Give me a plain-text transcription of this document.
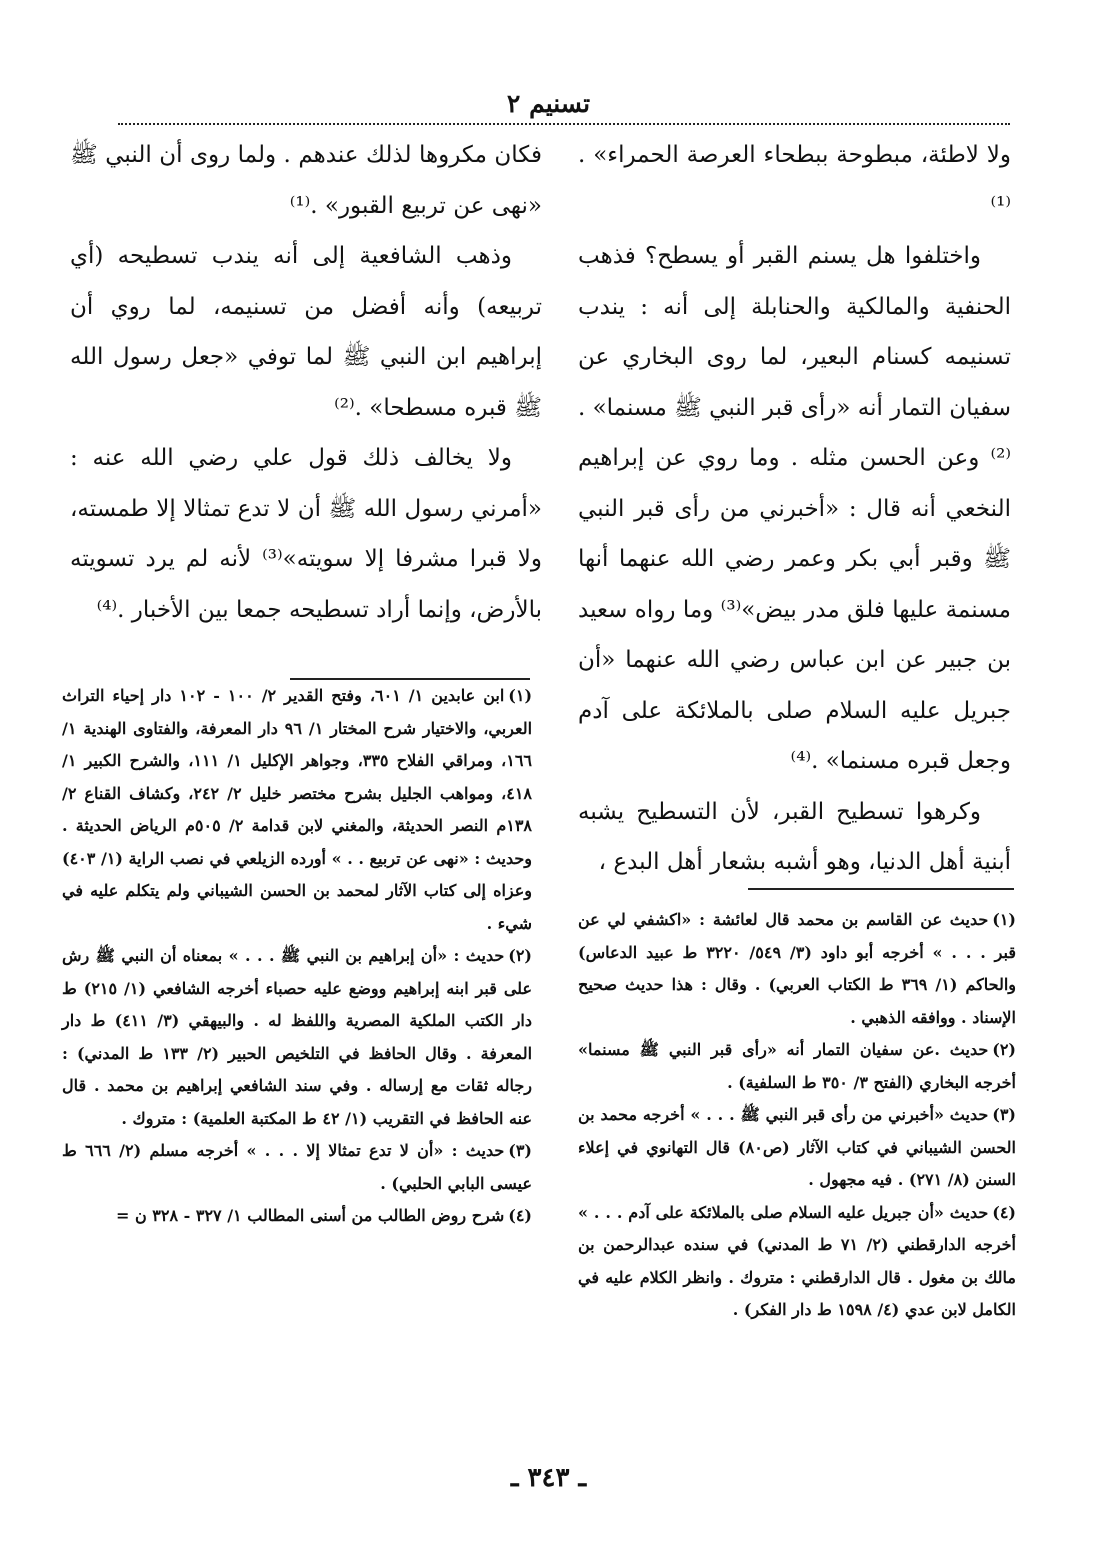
تسنيم ٢

ولا لاطئة، مبطوحة ببطحاء العرصة الحمراء» .⁽¹⁾

واختلفوا هل يسنم القبر أو يسطح؟ فذهب الحنفية والمالكية والحنابلة إلى أنه : يندب تسنيمه كسنام البعير، لما روى البخاري عن سفيان التمار أنه «رأى قبر النبي ﷺ مسنما» .⁽²⁾ وعن الحسن مثله . وما روي عن إبراهيم النخعي أنه قال : «أخبرني من رأى قبر النبي ﷺ وقبر أبي بكر وعمر رضي الله عنهما أنها مسنمة عليها فلق مدر بيض»⁽³⁾ وما رواه سعيد بن جبير عن ابن عباس رضي الله عنهما «أن جبريل عليه السلام صلى بالملائكة على آدم وجعل قبره مسنما» .⁽⁴⁾

وكرهوا تسطيح القبر، لأن التسطيح يشبه أبنية أهل الدنيا، وهو أشبه بشعار أهل البدع ،

فكان مكروها لذلك عندهم . ولما روى أن النبي ﷺ «نهى عن تربيع القبور» .⁽¹⁾

وذهب الشافعية إلى أنه يندب تسطيحه (أي تربيعه) وأنه أفضل من تسنيمه، لما روي أن إبراهيم ابن النبي ﷺ لما توفي «جعل رسول الله ﷺ قبره مسطحا» .⁽²⁾

ولا يخالف ذلك قول علي رضي الله عنه : «أمرني رسول الله ﷺ أن لا تدع تمثالا إلا طمسته، ولا قبرا مشرفا إلا سويته»⁽³⁾ لأنه لم يرد تسويته بالأرض، وإنما أراد تسطيحه جمعا بين الأخبار .⁽⁴⁾

(١)حديث عن القاسم بن محمد قال لعائشة : «اكشفي لي عن قبر . . . » أخرجه أبو داود (٣/ ٥٤٩/ ٣٢٢٠ ط عبيد الدعاس) والحاكم (١/ ٣٦٩ ط الكتاب العربي) . وقال : هذا حديث صحيح الإسناد . ووافقه الذهبي .

(٢)حديث .عن سفيان التمار أنه «رأى قبر النبي ﷺ مسنما» أخرجه البخاري (الفتح ٣/ ٣٥٠ ط السلفية) .

(٣)حديث «أخبرني من رأى قبر النبي ﷺ . . . » أخرجه محمد بن الحسن الشيباني في كتاب الآثار (ص٨٠) قال التهانوي في إعلاء السنن (٨/ ٢٧١) . فيه مجهول .

(٤)حديث «أن جبريل عليه السلام صلى بالملائكة على آدم . . . » أخرجه الدارقطني (٢/ ٧١ ط المدني) في سنده عبدالرحمن بن مالك بن مغول . قال الدارقطني : متروك . وانظر الكلام عليه في الكامل لابن عدي (٤/ ١٥٩٨ ط دار الفكر) .

(١)ابن عابدين ١/ ٦٠١، وفتح القدير ٢/ ١٠٠ - ١٠٢ دار إحياء التراث العربي، والاختيار شرح المختار ١/ ٩٦ دار المعرفة، والفتاوى الهندية ١/ ١٦٦، ومراقي الفلاح ٣٣٥، وجواهر الإكليل ١/ ١١١، والشرح الكبير ١/ ٤١٨، ومواهب الجليل بشرح مختصر خليل ٢/ ٢٤٢، وكشاف القناع ٢/ ١٣٨م النصر الحديثة، والمغني لابن قدامة ٢/ ٥٠٥م الرياض الحديثة . وحديث : «نهى عن تربيع . . » أورده الزيلعي في نصب الراية (١/ ٤٠٣) وعزاه إلى كتاب الآثار لمحمد بن الحسن الشيباني ولم يتكلم عليه في شيء .

(٢)حديث : «أن إبراهيم بن النبي ﷺ . . . » بمعناه أن النبي ﷺ رش على قبر ابنه إبراهيم ووضع عليه حصباء أخرجه الشافعي (١/ ٢١٥) ط دار الكتب الملكية المصرية واللفظ له . والبيهقي (٣/ ٤١١) ط دار المعرفة . وقال الحافظ في التلخيص الحبير (٢/ ١٣٣ ط المدني) : رجاله ثقات مع إرساله . وفي سند الشافعي إبراهيم بن محمد . قال عنه الحافظ في التقريب (١/ ٤٢ ط المكتبة العلمية) : متروك .

(٣)حديث : «أن لا تدع تمثالا إلا . . . » أخرجه مسلم (٢/ ٦٦٦ ط عيسى البابي الحلبي) .

(٤)شرح روض الطالب من أسنى المطالب ١/ ٣٢٧ - ٣٢٨ ن =

ـ ٣٤٣ ـ
